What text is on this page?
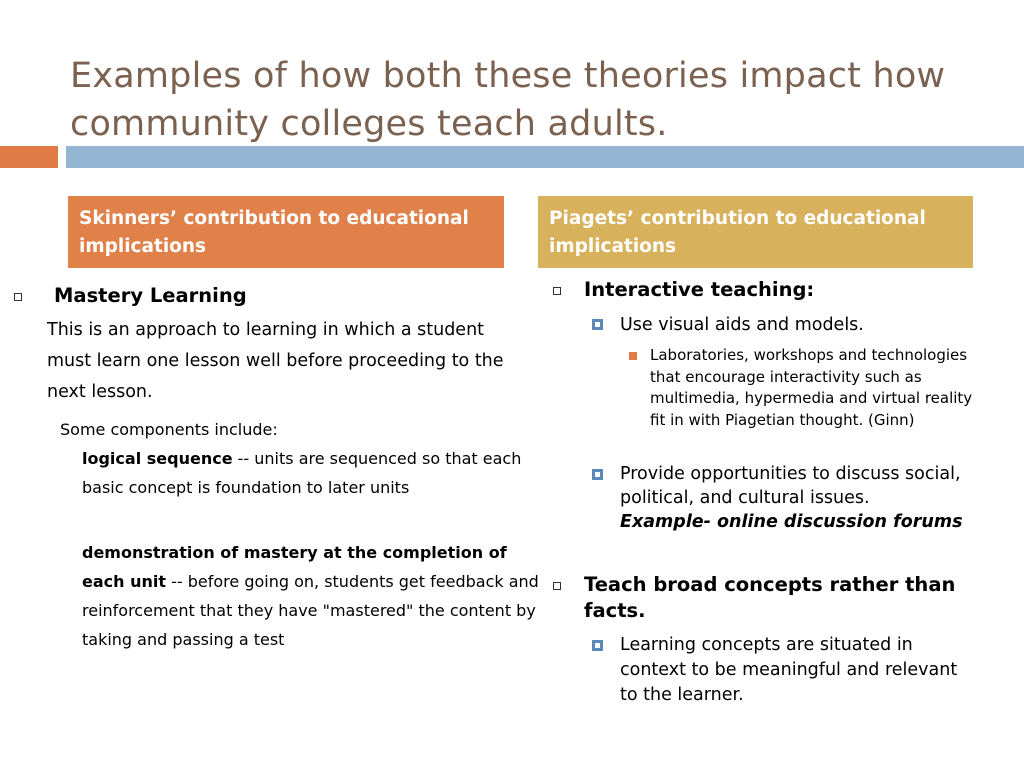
Examples of how both these theories impact how community colleges teach adults.
Skinners’ contribution to educational implications
Piagets’ contribution to educational implications
Mastery Learning
This is an approach to learning in which a student must learn one lesson well before proceeding to the next lesson.
Some components include:
logical sequence -- units are sequenced so that each basic concept is foundation to later units
demonstration of mastery at the completion of each unit -- before going on, students get feedback and reinforcement that they have "mastered" the content by taking and passing a test
Interactive teaching:
Use visual aids and models.
Laboratories, workshops and technologies that encourage interactivity such as multimedia, hypermedia and virtual reality fit in with Piagetian thought. (Ginn)
Provide opportunities to discuss social, political, and cultural issues. Example- online discussion forums
Teach broad concepts rather than facts.
Learning concepts are situated in context to be meaningful and relevant to the learner.
